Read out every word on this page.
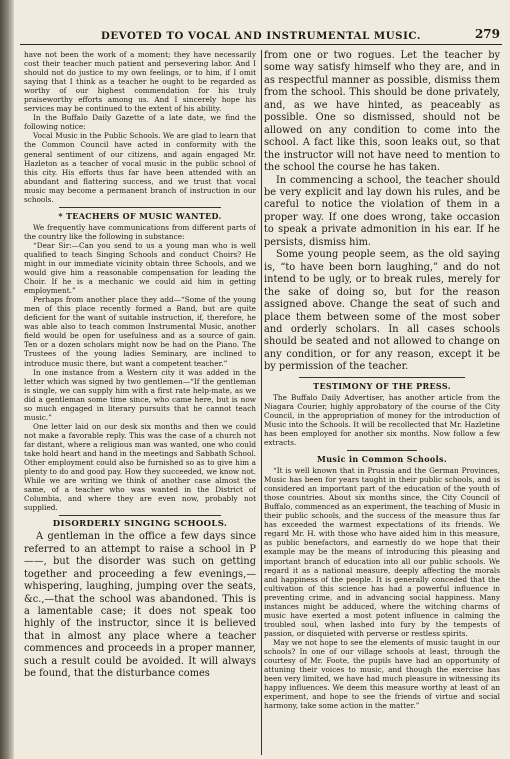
DEVOTED TO VOCAL AND INSTRUMENTAL MUSIC.	279

have not been the work of a moment; they have necessarily cost their teacher much patient and persevering labor. And I should not do justice to my own feelings, or to him, if I omit saying that I think as a teacher he ought to be regarded as worthy of our highest commendation for his truly praiseworthy efforts among us. And I sincerely hope his services may be continued to the extent of his ability.

In the Buffalo Daily Gazette of a late date, we find the following notice:

Vocal Music in the Public Schools. We are glad to learn that the Common Council have acted in conformity with the general sentiment of our citizens, and again engaged Mr. Hazleton as a teacher of vocal music in the public school of this city. His efforts thus far have been attended with an abundant and flattering success, and we trust that vocal music may become a permanent branch of instruction in our schools.

* TEACHERS OF MUSIC WANTED.

We frequently have communications from different parts of the country like the following in substance:

“Dear Sir:—Can you send to us a young man who is well qualified to teach Singing Schools and conduct Choirs? He might in our immediate vicinity obtain three Schools, and we would give him a reasonable compensation for leading the Choir. If he is a mechanic we could aid him in getting employment.”

Perhaps from another place they add—“Some of the young men of this place recently formed a Band, but are quite deficient for the want of suitable instruction, if, therefore, he was able also to teach common Instrumental Music, another field would be open for usefulness and as a source of gain. Ten or a dozen scholars might now be had on the Piano. The Trustees of the young ladies Seminary, are inclined to introduce music there, but want a competent teacher.”

In one instance from a Western city it was added in the letter which was signed by two gentlemen—“If the gentleman is single, we can supply him with a first rate help-mate, as we did a gentleman some time since, who came here, but is now so much engaged in literary pursuits that he cannot teach music.”

One letter laid on our desk six months and then we could not make a favorable reply. This was the case of a church not far distant, where a religious man was wanted, one who could take hold heart and hand in the meetings and Sabbath School. Other employment could also be furnished so as to give him a plenty to do and good pay. How they succeeded, we know not. While we are writing we think of another case almost the same, of a teacher who was wanted in the District of Columbia, and where they are even now, probably not supplied.

DISORDERLY SINGING SCHOOLS.

A gentleman in the office a few days since referred to an attempt to raise a school in P——, but the disorder was such on getting together and proceeding a few evenings,—whispering, laughing, jumping over the seats, &c.,—that the school was abandoned. This is a lamentable case; it does not speak too highly of the instructor, since it is believed that in almost any place where a teacher commences and proceeds in a proper manner, such a result could be avoided. It will always be found, that the disturbance comes

from one or two rogues. Let the teacher by some way satisfy himself who they are, and in as respectful manner as possible, dismiss them from the school. This should be done privately, and, as we have hinted, as peaceably as possible. One so dismissed, should not be allowed on any condition to come into the school. A fact like this, soon leaks out, so that the instructor will not have need to mention to the school the course he has taken.

In commencing a school, the teacher should be very explicit and lay down his rules, and be careful to notice the violation of them in a proper way. If one does wrong, take occasion to speak a private admonition in his ear. If he persists, dismiss him.

Some young people seem, as the old saying is, “to have been born laughing,” and do not intend to be ugly, or to break rules, merely for the sake of doing so, but for the reason assigned above. Change the seat of such and place them between some of the most sober and orderly scholars. In all cases schools should be seated and not allowed to change on any condition, or for any reason, except it be by permission of the teacher.

TESTIMONY OF THE PRESS.

The Buffalo Daily Advertiser, has another article from the Niagara Courier, highly approbatory of the course of the City Council, in the appropriation of money for the introduction of Music into the Schools. It will be recollected that Mr. Hazletine has been employed for another six months. Now follow a few extracts.

Music in Common Schools.

“It is well known that in Prussia and the German Provinces, Music has been for years taught in their public schools, and is considered an important part of the education of the youth of those countries. About six months since, the City Council of Buffalo, commenced as an experiment, the teaching of Music in their public schools, and the success of the measure thus far has exceeded the warmest expectations of its friends. We regard Mr. H. with those who have aided him in this measure, as public benefactors, and earnestly do we hope that their example may be the means of introducing this pleasing and important branch of education into all our public schools. We regard it as a national measure, deeply affecting the morals and happiness of the people. It is generally conceded that the cultivation of this science has had a powerful influence in preventing crime, and in advancing social happiness. Many instances might be adduced, where the witching charms of music have exerted a most potent influence in calming the troubled soul, when lashed into fury by the tempests of passion, or disquieted with perverse or restless spirits.

May we not hope to see the elements of music taught in our schools? In one of our village schools at least, through the courtesy of Mr. Foote, the pupils have had an opportunity of attuning their voices to music, and though the exercise has been very limited, we have had much pleasure in witnessing its happy influences. We deem this measure worthy at least of an experiment, and hope to see the friends of virtue and social harmony, take some action in the matter.”
